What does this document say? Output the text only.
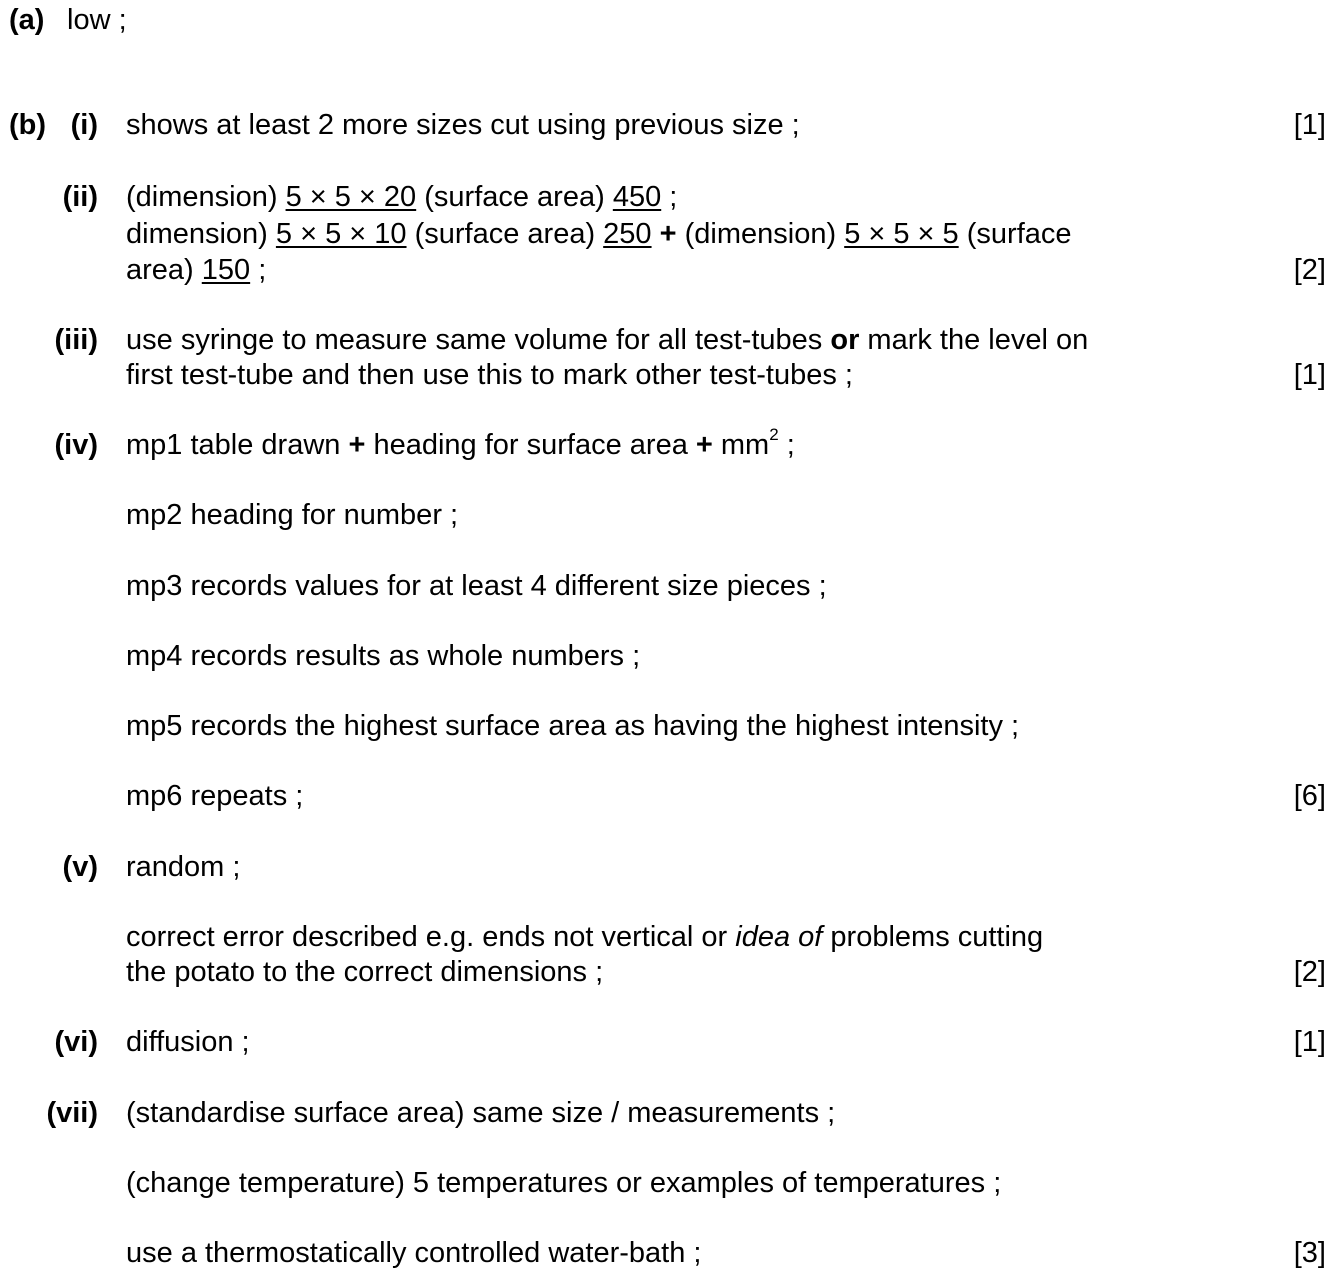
(a) low ;
(b) (i) shows at least 2 more sizes cut using previous size ;	[1]
(ii) (dimension) 5 × 5 × 20 (surface area) 450 ;
dimension) 5 × 5 × 10 (surface area) 250 + (dimension) 5 × 5 × 5 (surface
area) 150 ;	[2]
(iii) use syringe to measure same volume for all test-tubes or mark the level on
first test-tube and then use this to mark other test-tubes ;	[1]
(iv) mp1 table drawn + heading for surface area + $mm^2$ ;
mp2 heading for number ;
mp3 records values for at least 4 different size pieces ;
mp4 records results as whole numbers ;
mp5 records the highest surface area as having the highest intensity ;
mp6 repeats ;	[6]
(v) random ;
correct error described e.g. ends not vertical or idea of problems cutting
the potato to the correct dimensions ;	[2]
(vi) diffusion ;	[1]
(vii) (standardise surface area) same size / measurements ;
(change temperature) 5 temperatures or examples of temperatures ;
use a thermostatically controlled water-bath ;	[3]
